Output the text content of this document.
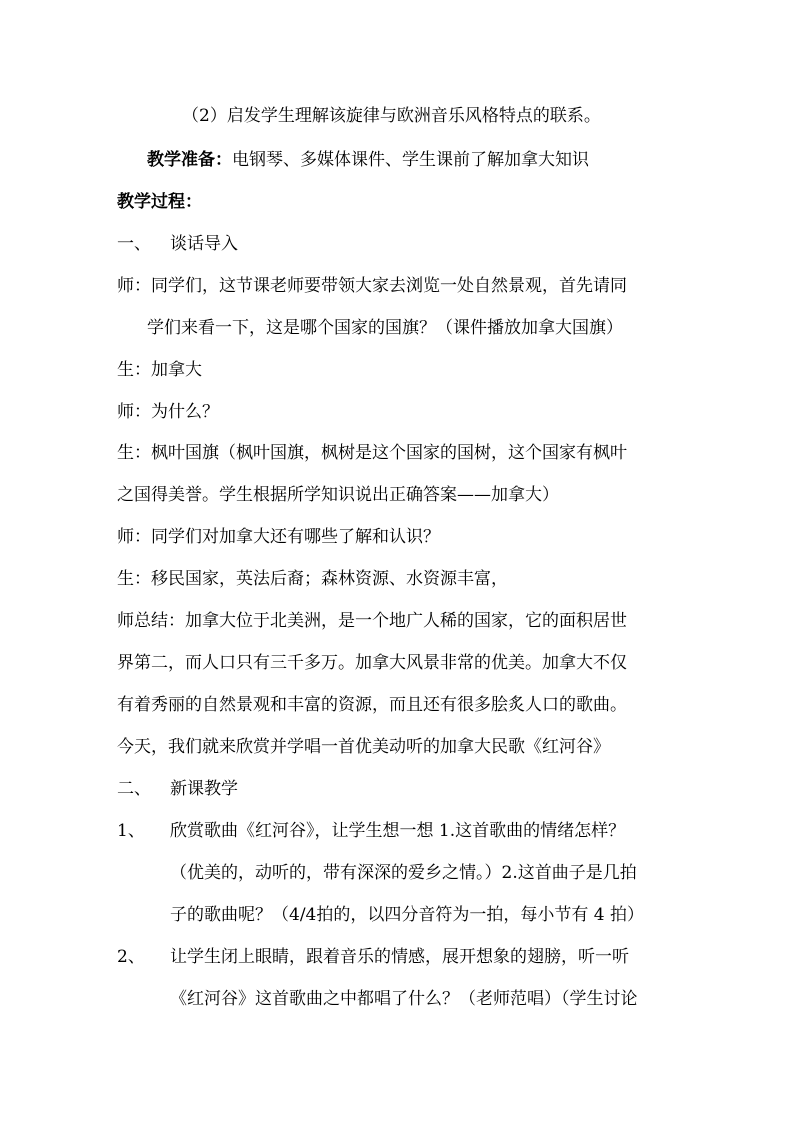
（2）启发学生理解该旋律与欧洲音乐风格特点的联系。
教学准备：电钢琴、多媒体课件、学生课前了解加拿大知识
教学过程：
一、 谈话导入
师：同学们，这节课老师要带领大家去浏览一处自然景观，首先请同
学们来看一下，这是哪个国家的国旗？（课件播放加拿大国旗）
生：加拿大
师：为什么？
生：枫叶国旗（枫叶国旗，枫树是这个国家的国树，这个国家有枫叶
之国得美誉。学生根据所学知识说出正确答案——加拿大）
师：同学们对加拿大还有哪些了解和认识？
生：移民国家，英法后裔；森林资源、水资源丰富，
师总结：加拿大位于北美洲，是一个地广人稀的国家，它的面积居世
界第二，而人口只有三千多万。加拿大风景非常的优美。加拿大不仅
有着秀丽的自然景观和丰富的资源，而且还有很多脍炙人口的歌曲。
今天，我们就来欣赏并学唱一首优美动听的加拿大民歌《红河谷》
二、 新课教学
1、 欣赏歌曲《红河谷》，让学生想一想 1.这首歌曲的情绪怎样？
（优美的，动听的，带有深深的爱乡之情。）2.这首曲子是几拍
子的歌曲呢？（4/4拍的，以四分音符为一拍，每小节有 4 拍）
2、 让学生闭上眼睛，跟着音乐的情感，展开想象的翅膀，听一听
《红河谷》这首歌曲之中都唱了什么？（老师范唱）（学生讨论
